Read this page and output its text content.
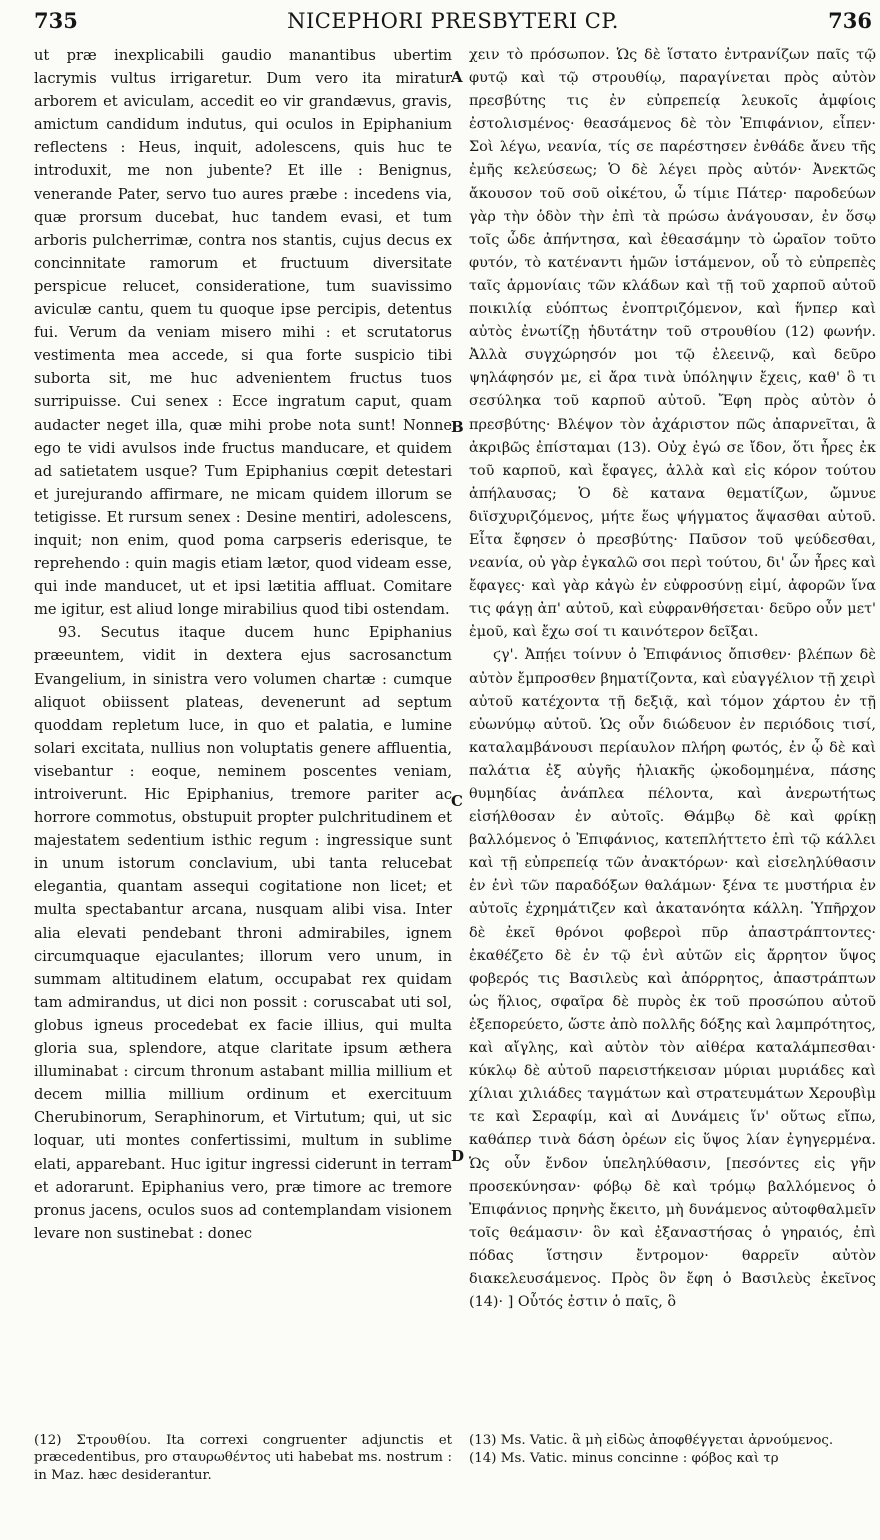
735	NICEPHORI PRESBYTERI CP.	736
A
B
C
D

ut præ inexplicabili gaudio manantibus ubertim lacrymis vultus irrigaretur. Dum vero ita miratur arborem et aviculam, accedit eo vir grandævus, gravis, amictum candidum indutus, qui oculos in Epiphanium reflectens : Heus, inquit, adolescens, quis huc te introduxit, me non jubente? Et ille : Benignus, venerande Pater, servo tuo aures præbe : incedens via, quæ prorsum ducebat, huc tandem evasi, et tum arboris pulcherrimæ, contra nos stantis, cujus decus ex concinnitate ramorum et fructuum diversitate perspicue relucet, consideratione, tum suavissimo aviculæ cantu, quem tu quoque ipse percipis, detentus fui. Verum da veniam misero mihi : et scrutatorus vestimenta mea accede, si qua forte suspicio tibi suborta sit, me huc advenientem fructus tuos surripuisse. Cui senex : Ecce ingratum caput, quam audacter neget illa, quæ mihi probe nota sunt! Nonne ego te vidi avulsos inde fructus manducare, et quidem ad satietatem usque? Tum Epiphanius cœpit detestari et jurejurando affirmare, ne micam quidem illorum se tetigisse. Et rursum senex : Desine mentiri, adolescens, inquit; non enim, quod poma carpseris ederisque, te reprehendo : quin magis etiam lætor, quod videam esse, qui inde manducet, ut et ipsi lætitia affluat. Comitare me igitur, est aliud longe mirabilius quod tibi ostendam.

93. Secutus itaque ducem hunc Epiphanius præeuntem, vidit in dextera ejus sacrosanctum Evangelium, in sinistra vero volumen chartæ : cumque aliquot obiissent plateas, devenerunt ad septum quoddam repletum luce, in quo et palatia, e lumine solari excitata, nullius non voluptatis genere affluentia, visebantur : eoque, neminem poscentes veniam, introiverunt. Hic Epiphanius, tremore pariter ac horrore commotus, obstupuit propter pulchritudinem et majestatem sedentium isthic regum : ingressique sunt in unum istorum conclavium, ubi tanta relucebat elegantia, quantam assequi cogitatione non licet; et multa spectabantur arcana, nusquam alibi visa. Inter alia elevati pendebant throni admirabiles, ignem circumquaque ejaculantes; illorum vero unum, in summam altitudinem elatum, occupabat rex quidam tam admirandus, ut dici non possit : coruscabat uti sol, globus igneus procedebat ex facie illius, qui multa gloria sua, splendore, atque claritate ipsum æthera illuminabat : circum thronum astabant millia millium et decem millia millium ordinum et exercituum Cherubinorum, Seraphinorum, et Virtutum; qui, ut sic loquar, uti montes confertissimi, multum in sublime elati, apparebant. Huc igitur ingressi ciderunt in terram et adorarunt. Epiphanius vero, præ timore ac tremore pronus jacens, oculos suos ad contemplandam visionem levare non sustinebat : donec

χειν τὸ πρόσωπον. Ὡς δὲ ἵστατο ἐντρανίζων παῖς τῷ φυτῷ καὶ τῷ στρουθίῳ, παραγίνεται πρὸς αὐτὸν πρεσβύτης τις ἐν εὐπρεπείᾳ λευκοῖς ἀμφίοις ἐστολισμένος· θεασάμενος δὲ τὸν Ἐπιφάνιον, εἶπεν· Σοὶ λέγω, νεανία, τίς σε παρέστησεν ἐνθάδε ἄνευ τῆς ἐμῆς κελεύσεως; Ὁ δὲ λέγει πρὸς αὐτόν· Ἀνεκτῶς ἄκουσον τοῦ σοῦ οἰκέτου, ὦ τίμιε Πάτερ· παροδεύων γὰρ τὴν ὁδὸν τὴν ἐπὶ τὰ πρώσω ἀνάγουσαν, ἐν ὅσῳ τοῖς ὧδε ἀπήντησα, καὶ ἐθεασάμην τὸ ὡραῖον τοῦτο φυτόν, τὸ κατέναντι ἡμῶν ἱστάμενον, οὗ τὸ εὐπρεπὲς ταῖς ἁρμονίαις τῶν κλάδων καὶ τῇ τοῦ χαρποῦ αὐτοῦ ποικιλίᾳ εὐόπτως ἐνοπτριζόμενον, καὶ ἥνπερ καὶ αὐτὸς ἐνωτίζῃ ἡδυτάτην τοῦ στρουθίου (12) φωνήν. Ἀλλὰ συγχώρησόν μοι τῷ ἐλεεινῷ, καὶ δεῦρο ψηλάφησόν με, εἰ ἄρα τινὰ ὑπόληψιν ἔχεις, καθ' ὃ τι σεσύληκα τοῦ καρποῦ αὐτοῦ. Ἔφη πρὸς αὐτὸν ὁ πρεσβύτης· Βλέψον τὸν ἀχάριστον πῶς ἀπαρνεῖται, ἃ ἀκριβῶς ἐπίσταμαι (13). Οὐχ ἐγώ σε ἴδον, ὅτι ἦρες ἐκ τοῦ καρποῦ, καὶ ἔφαγες, ἀλλὰ καὶ εἰς κόρον τούτου ἀπήλαυσας; Ὁ δὲ κατανα θεματίζων, ὤμνυε διϊσχυριζόμενος, μήτε ἕως ψήγματος ἅψασθαι αὐτοῦ. Εἶτα ἔφησεν ὁ πρεσβύτης· Παῦσον τοῦ ψεύδεσθαι, νεανία, οὐ γὰρ ἐγκαλῶ σοι περὶ τούτου, δι' ὧν ἦρες καὶ ἔφαγες· καὶ γὰρ κἀγὼ ἐν εὐφροσύνῃ εἰμί, ἀφορῶν ἵνα τις φάγῃ ἀπ' αὐτοῦ, καὶ εὐφρανθήσεται· δεῦρο οὖν μετ' ἐμοῦ, καὶ ἔχω σοί τι καινότερον δεῖξαι.

ϛγ'. Ἀπῄει τοίνυν ὁ Ἐπιφάνιος ὄπισθεν· βλέπων δὲ αὐτὸν ἔμπροσθεν βηματίζοντα, καὶ εὐαγγέλιον τῇ χειρὶ αὐτοῦ κατέχοντα τῇ δεξιᾷ, καὶ τόμον χάρτου ἐν τῇ εὐωνύμῳ αὐτοῦ. Ὡς οὖν διώδευον ἐν περιόδοις τισί, καταλαμβάνουσι περίαυλον πλήρη φωτός, ἐν ᾧ δὲ καὶ παλάτια ἐξ αὐγῆς ἡλιακῆς ᾠκοδομημένα, πάσης θυμηδίας ἀνάπλεα πέλοντα, καὶ ἀνερωτήτως εἰσήλθοσαν ἐν αὐτοῖς. Θάμβῳ δὲ καὶ φρίκῃ βαλλόμενος ὁ Ἐπιφάνιος, κατεπλήττετο ἐπὶ τῷ κάλλει καὶ τῇ εὐπρεπείᾳ τῶν ἀνακτόρων· καὶ εἰσεληλύθασιν ἐν ἑνὶ τῶν παραδόξων θαλάμων· ξένα τε μυστήρια ἐν αὐτοῖς ἐχρημάτιζεν καὶ ἀκατανόητα κάλλη. Ὑπῆρχον δὲ ἐκεῖ θρόνοι φοβεροὶ πῦρ ἀπαστράπτοντες· ἐκαθέζετο δὲ ἐν τῷ ἑνὶ αὐτῶν εἰς ἄρρητον ὕψος φοβερός τις Βασιλεὺς καὶ ἀπόρρητος, ἀπαστράπτων ὡς ἥλιος, σφαῖρα δὲ πυρὸς ἐκ τοῦ προσώπου αὐτοῦ ἐξεπορεύετο, ὥστε ἀπὸ πολλῆς δόξης καὶ λαμπρότητος, καὶ αἴγλης, καὶ αὐτὸν τὸν αἰθέρα καταλάμπεσθαι· κύκλῳ δὲ αὐτοῦ παρειστήκεισαν μύριαι μυριάδες καὶ χίλιαι χιλιάδες ταγμάτων καὶ στρατευμάτων Χερουβὶμ τε καὶ Σεραφίμ, καὶ αἱ Δυνάμεις ἵν' οὕτως εἴπω, καθάπερ τινὰ δάση ὀρέων εἰς ὕψος λίαν ἐγηγερμένα. Ὡς οὖν ἔνδον ὑπεληλύθασιν, [πεσόντες εἰς γῆν προσεκύνησαν· φόβῳ δὲ καὶ τρόμῳ βαλλόμενος ὁ Ἐπιφάνιος πρηνὴς ἔκειτο, μὴ δυνάμενος αὐτοφθαλμεῖν τοῖς θεάμασιν· ὃν καὶ ἐξαναστήσας ὁ γηραιός, ἐπὶ πόδας ἵστησιν ἔντρομον· θαρρεῖν αὐτὸν διακελευσάμενος. Πρὸς ὃν ἔφη ὁ Βασιλεὺς ἐκεῖνος (14)· ] Οὗτός ἐστιν ὁ παῖς, ὃ

(12) Στρουθίου. Ita correxi congruenter adjunctis et præcedentibus, pro σταυρωθέντος uti habebat ms. nostrum : in Maz. hæc desiderantur.

(13) Ms. Vatic. ἃ μὴ εἰδὼς ἀποφθέγγεται ἀρνούμενος.

(14) Ms. Vatic. minus concinne : φόβος καὶ τρ
